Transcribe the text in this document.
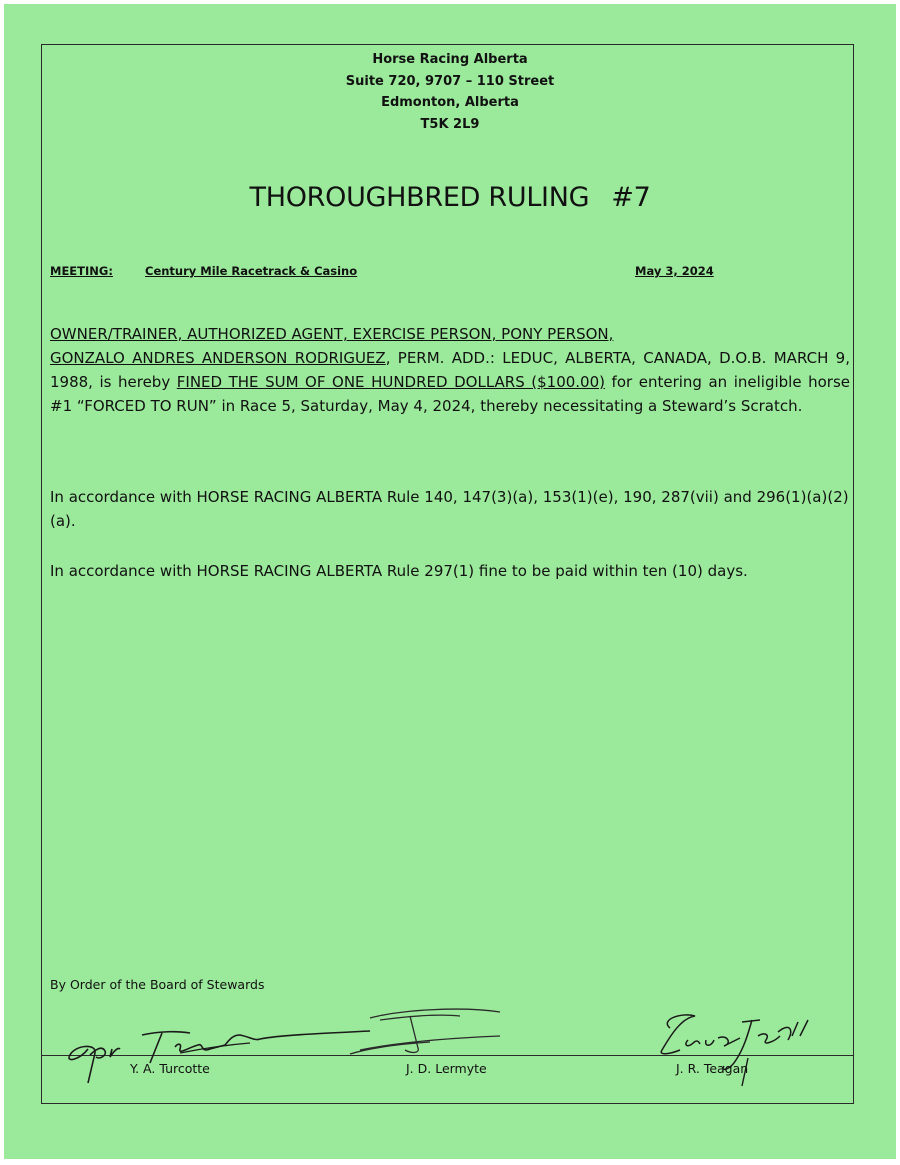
Horse Racing Alberta
Suite 720, 9707 – 110 Street
Edmonton, Alberta
T5K 2L9
THOROUGHBRED RULING #7
MEETING:	Century Mile Racetrack & Casino	May 3, 2024
OWNER/TRAINER, AUTHORIZED AGENT, EXERCISE PERSON, PONY PERSON,
GONZALO ANDRES ANDERSON RODRIGUEZ, PERM. ADD.: LEDUC, ALBERTA, CANADA, D.O.B. MARCH 9, 1988, is hereby FINED THE SUM OF ONE HUNDRED DOLLARS ($100.00) for entering an ineligible horse #1 “FORCED TO RUN” in Race 5, Saturday, May 4, 2024, thereby necessitating a Steward’s Scratch.
In accordance with HORSE RACING ALBERTA Rule 140, 147(3)(a), 153(1)(e), 190, 287(vii) and 296(1)(a)(2)(a).
In accordance with HORSE RACING ALBERTA Rule 297(1) fine to be paid within ten (10) days.
By Order of the Board of Stewards
Y. A. Turcotte	J. D. Lermyte	J. R. Teagan
